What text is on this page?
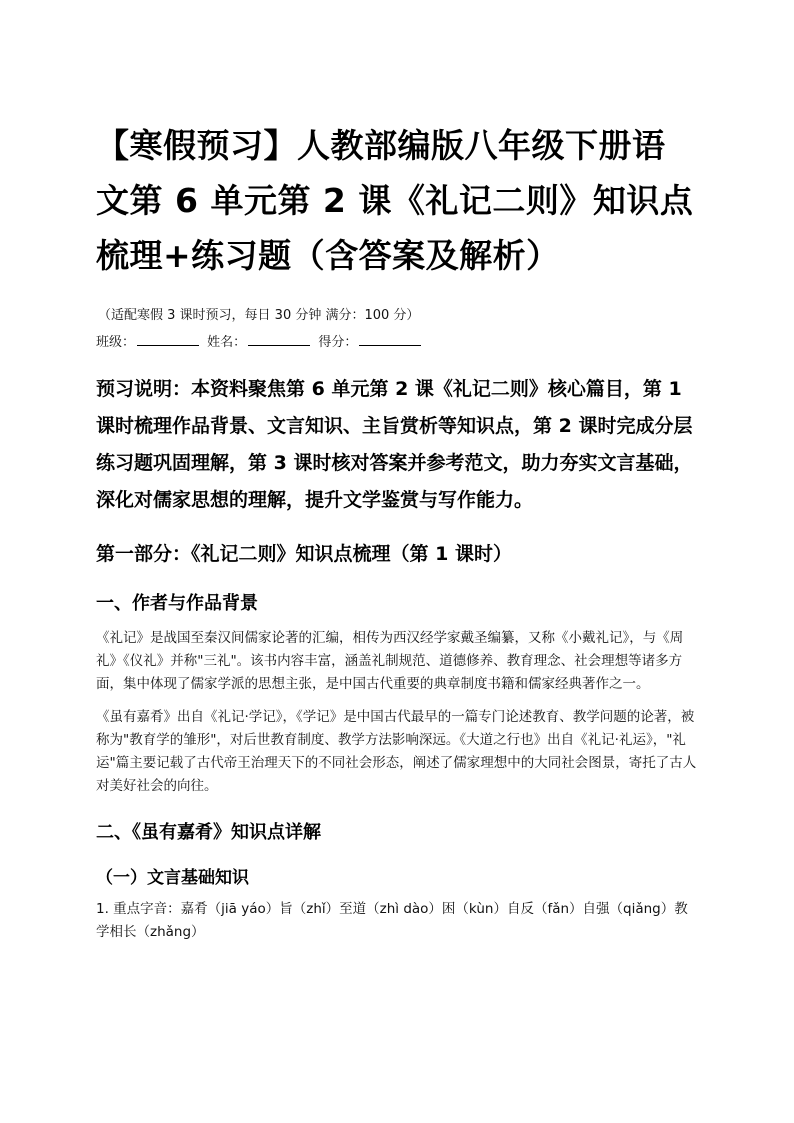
【寒假预习】人教部编版八年级下册语文第 6 单元第 2 课《礼记二则》知识点梳理+练习题（含答案及解析）
（适配寒假 3 课时预习，每日 30 分钟 满分：100 分）
班级：	姓名：	得分：
预习说明：本资料聚焦第 6 单元第 2 课《礼记二则》核心篇目，第 1 课时梳理作品背景、文言知识、主旨赏析等知识点，第 2 课时完成分层练习题巩固理解，第 3 课时核对答案并参考范文，助力夯实文言基础，深化对儒家思想的理解，提升文学鉴赏与写作能力。
第一部分：《礼记二则》知识点梳理（第 1 课时）
一、作者与作品背景
《礼记》是战国至秦汉间儒家论著的汇编，相传为西汉经学家戴圣编纂，又称《小戴礼记》，与《周礼》《仪礼》并称"三礼"。该书内容丰富，涵盖礼制规范、道德修养、教育理念、社会理想等诸多方面，集中体现了儒家学派的思想主张，是中国古代重要的典章制度书籍和儒家经典著作之一。
《虽有嘉肴》出自《礼记·学记》，《学记》是中国古代最早的一篇专门论述教育、教学问题的论著，被称为"教育学的雏形"，对后世教育制度、教学方法影响深远。《大道之行也》出自《礼记·礼运》，"礼运"篇主要记载了古代帝王治理天下的不同社会形态，阐述了儒家理想中的大同社会图景，寄托了古人对美好社会的向往。
二、《虽有嘉肴》知识点详解
（一）文言基础知识
1. 重点字音：嘉肴（jiā yáo）旨（zhǐ）至道（zhì dào）困（kùn）自反（fǎn）自强（qiǎng）教学相长（zhǎng）
